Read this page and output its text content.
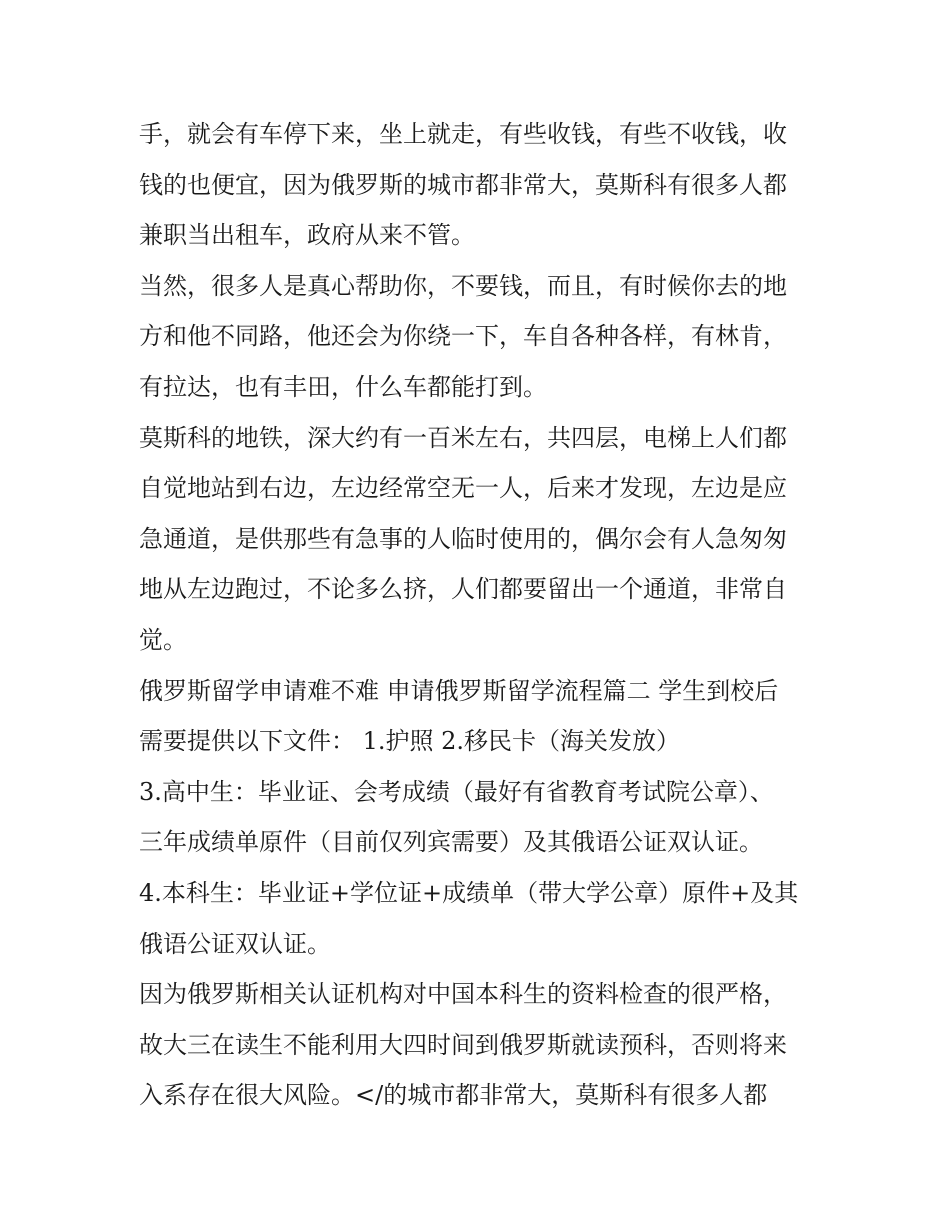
手，就会有车停下来，坐上就走，有些收钱，有些不收钱，收
钱的也便宜，因为俄罗斯的城市都非常大，莫斯科有很多人都
兼职当出租车，政府从来不管。
当然，很多人是真心帮助你，不要钱，而且，有时候你去的地
方和他不同路，他还会为你绕一下，车自各种各样，有林肯，
有拉达，也有丰田，什么车都能打到。
莫斯科的地铁，深大约有一百米左右，共四层，电梯上人们都
自觉地站到右边，左边经常空无一人，后来才发现，左边是应
急通道，是供那些有急事的人临时使用的，偶尔会有人急匆匆
地从左边跑过，不论多么挤，人们都要留出一个通道，非常自
觉。
俄罗斯留学申请难不难 申请俄罗斯留学流程篇二 学生到校后
需要提供以下文件： 1.护照 2.移民卡（海关发放）
3.高中生：毕业证、会考成绩（最好有省教育考试院公章）、
三年成绩单原件（目前仅列宾需要）及其俄语公证双认证。
4.本科生：毕业证+学位证+成绩单（带大学公章）原件+及其
俄语公证双认证。
因为俄罗斯相关认证机构对中国本科生的资料检查的很严格，
故大三在读生不能利用大四时间到俄罗斯就读预科，否则将来
入系存在很大风险。</的城市都非常大，莫斯科有很多人都
